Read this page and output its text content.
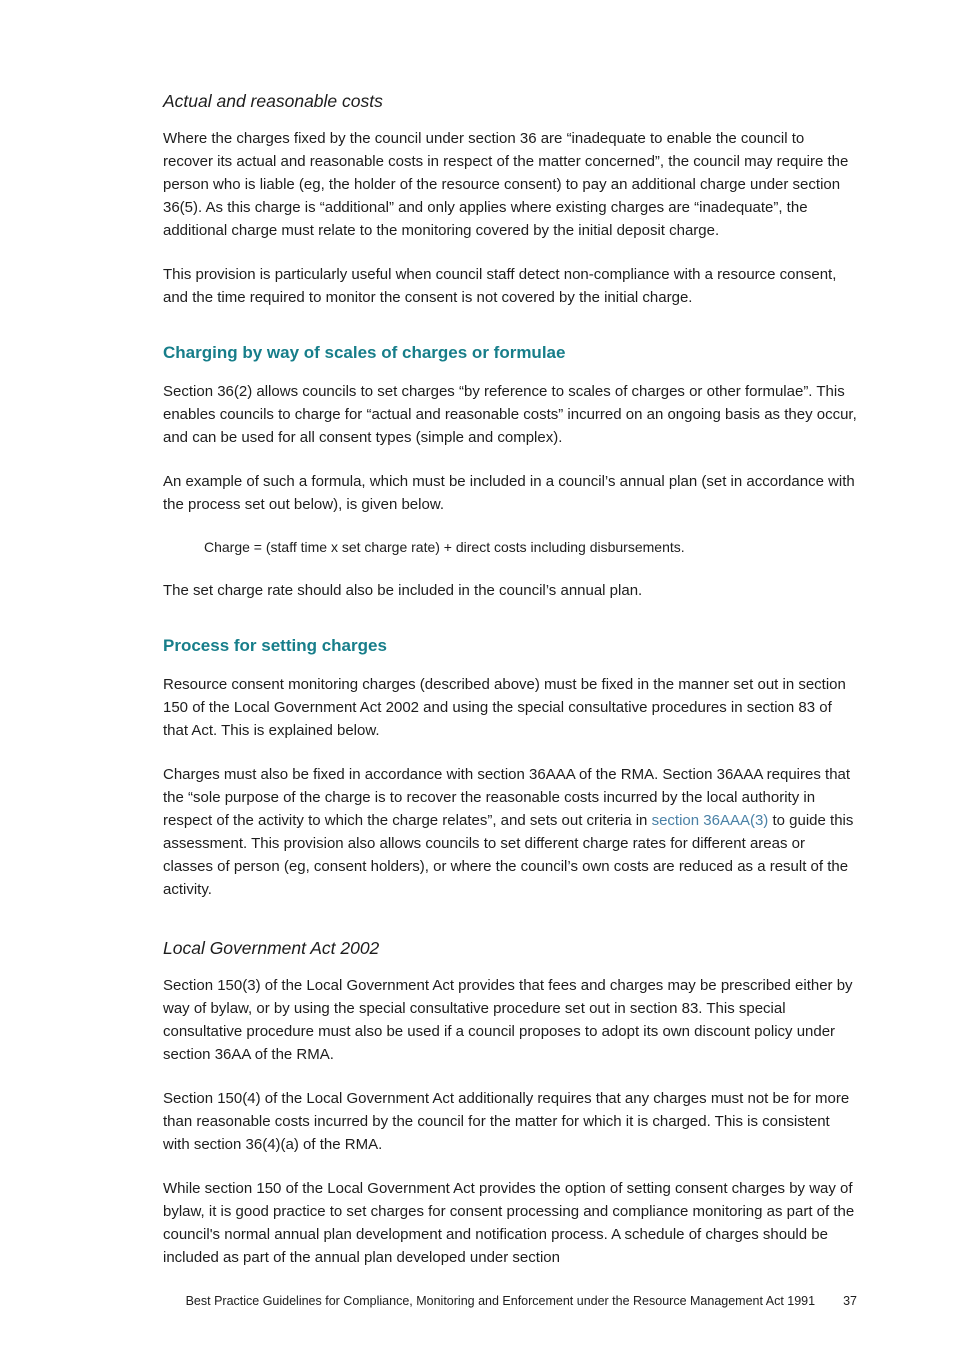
Actual and reasonable costs

Where the charges fixed by the council under section 36 are “inadequate to enable the council to recover its actual and reasonable costs in respect of the matter concerned”, the council may require the person who is liable (eg, the holder of the resource consent) to pay an additional charge under section 36(5). As this charge is “additional” and only applies where existing charges are “inadequate”, the additional charge must relate to the monitoring covered by the initial deposit charge.

This provision is particularly useful when council staff detect non-compliance with a resource consent, and the time required to monitor the consent is not covered by the initial charge.

Charging by way of scales of charges or formulae

Section 36(2) allows councils to set charges “by reference to scales of charges or other formulae”. This enables councils to charge for “actual and reasonable costs” incurred on an ongoing basis as they occur, and can be used for all consent types (simple and complex).

An example of such a formula, which must be included in a council’s annual plan (set in accordance with the process set out below), is given below.

Charge = (staff time x set charge rate) + direct costs including disbursements.

The set charge rate should also be included in the council’s annual plan.

Process for setting charges

Resource consent monitoring charges (described above) must be fixed in the manner set out in section 150 of the Local Government Act 2002 and using the special consultative procedures in section 83 of that Act. This is explained below.

Charges must also be fixed in accordance with section 36AAA of the RMA. Section 36AAA requires that the “sole purpose of the charge is to recover the reasonable costs incurred by the local authority in respect of the activity to which the charge relates”, and sets out criteria in section 36AAA(3) to guide this assessment. This provision also allows councils to set different charge rates for different areas or classes of person (eg, consent holders), or where the council’s own costs are reduced as a result of the activity.

Local Government Act 2002

Section 150(3) of the Local Government Act provides that fees and charges may be prescribed either by way of bylaw, or by using the special consultative procedure set out in section 83. This special consultative procedure must also be used if a council proposes to adopt its own discount policy under section 36AA of the RMA.

Section 150(4) of the Local Government Act additionally requires that any charges must not be for more than reasonable costs incurred by the council for the matter for which it is charged. This is consistent with section 36(4)(a) of the RMA.

While section 150 of the Local Government Act provides the option of setting consent charges by way of bylaw, it is good practice to set charges for consent processing and compliance monitoring as part of the council's normal annual plan development and notification process. A schedule of charges should be included as part of the annual plan developed under section

Best Practice Guidelines for Compliance, Monitoring and Enforcement under the Resource Management Act 1991 37
